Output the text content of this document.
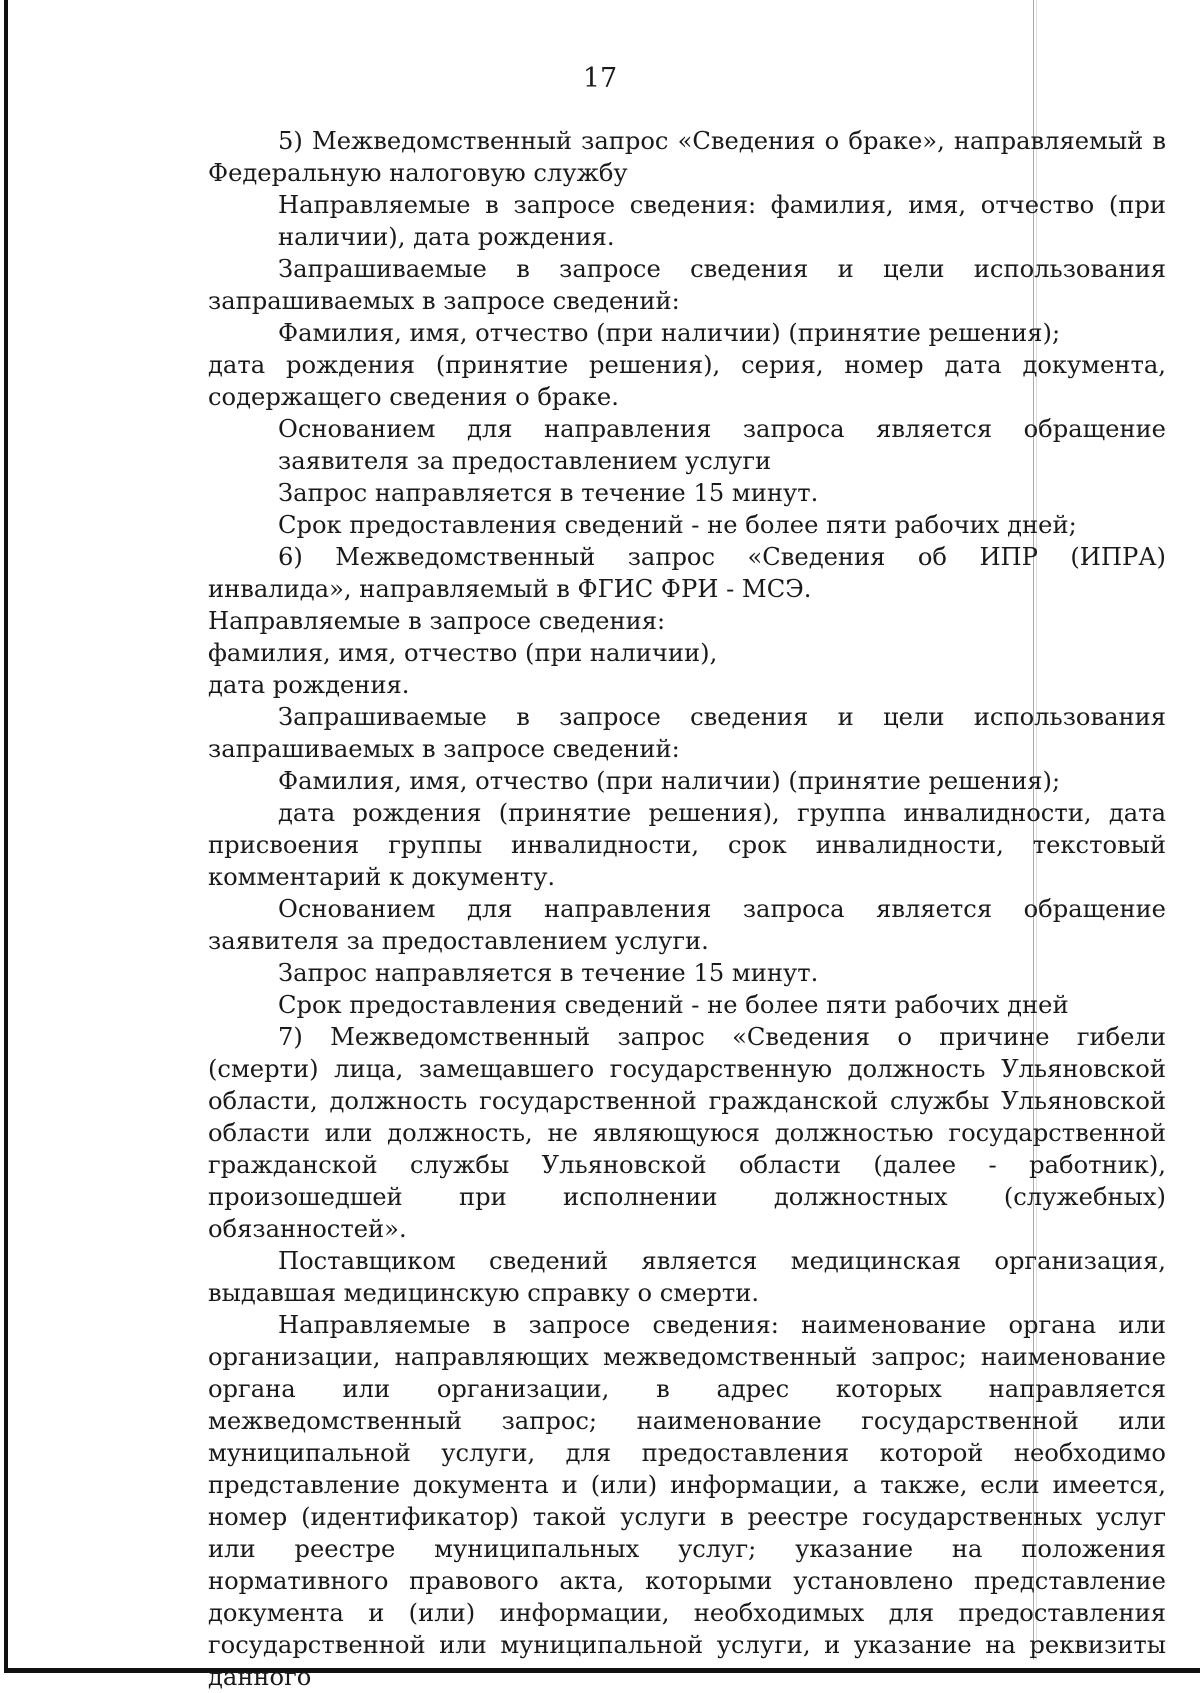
17

5) Межведомственный запрос «Сведения о браке», направляемый в Федеральную налоговую службу

Направляемые в запросе сведения: фамилия, имя, отчество (при наличии), дата рождения.

Запрашиваемые в запросе сведения и цели использования запрашиваемых в запросе сведений:

Фамилия, имя, отчество (при наличии) (принятие решения);

дата рождения (принятие решения), серия, номер дата документа, содержащего сведения о браке.

Основанием для направления запроса является обращение заявителя за предоставлением услуги

Запрос направляется в течение 15 минут.

Срок предоставления сведений - не более пяти рабочих дней;

6) Межведомственный запрос «Сведения об ИПР (ИПРА) инвалида», направляемый в ФГИС ФРИ - МСЭ.

Направляемые в запросе сведения:

фамилия, имя, отчество (при наличии),

дата рождения.

Запрашиваемые в запросе сведения и цели использования запрашиваемых в запросе сведений:

Фамилия, имя, отчество (при наличии) (принятие решения);

дата рождения (принятие решения), группа инвалидности, дата присвоения группы инвалидности, срок инвалидности, текстовый комментарий к документу.

Основанием для направления запроса является обращение заявителя за предоставлением услуги.

Запрос направляется в течение 15 минут.

Срок предоставления сведений - не более пяти рабочих дней

7) Межведомственный запрос «Сведения о причине гибели (смерти) лица, замещавшего государственную должность Ульяновской области, должность государственной гражданской службы Ульяновской области или должность, не являющуюся должностью государственной гражданской службы Ульяновской области (далее - работник), произошедшей при исполнении должностных (служебных) обязанностей».

Поставщиком сведений является медицинская организация, выдавшая медицинскую справку о смерти.

Направляемые в запросе сведения: наименование органа или организации, направляющих межведомственный запрос; наименование органа или организации, в адрес которых направляется межведомственный запрос; наименование государственной или муниципальной услуги, для предоставления которой необходимо представление документа и (или) информации, а также, если имеется, номер (идентификатор) такой услуги в реестре государственных услуг или реестре муниципальных услуг; указание на положения нормативного правового акта, которыми установлено представление документа и (или) информации, необходимых для предоставления государственной или муниципальной услуги, и указание на реквизиты данного
